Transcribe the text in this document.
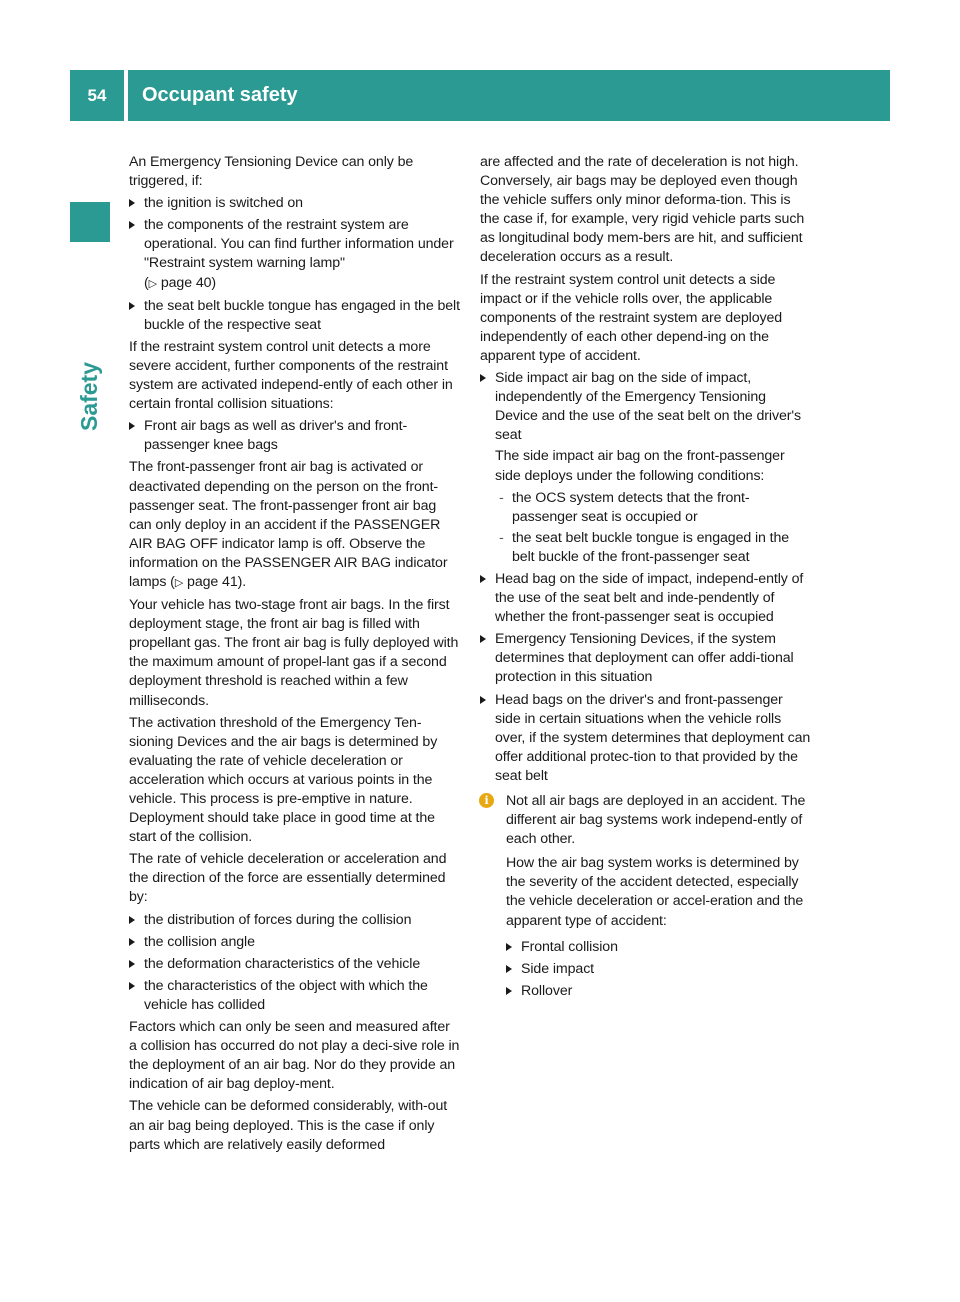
54	Occupant safety
Safety

An Emergency Tensioning Device can only be triggered, if:

the ignition is switched on
the components of the restraint system are operational. You can find further information under "Restraint system warning lamp"
(▷ page 40)
the seat belt buckle tongue has engaged in the belt buckle of the respective seat

If the restraint system control unit detects a more severe accident, further components of the restraint system are activated independ-ently of each other in certain frontal collision situations:

Front air bags as well as driver's and front-passenger knee bags

The front-passenger front air bag is activated or deactivated depending on the person on the front-passenger seat. The front-passenger front air bag can only deploy in an accident if the PASSENGER AIR BAG OFF indicator lamp is off. Observe the information on the PASSENGER AIR BAG indicator lamps (▷ page 41).

Your vehicle has two-stage front air bags. In the first deployment stage, the front air bag is filled with propellant gas. The front air bag is fully deployed with the maximum amount of propel-lant gas if a second deployment threshold is reached within a few milliseconds.

The activation threshold of the Emergency Ten-sioning Devices and the air bags is determined by evaluating the rate of vehicle deceleration or acceleration which occurs at various points in the vehicle. This process is pre-emptive in nature. Deployment should take place in good time at the start of the collision.

The rate of vehicle deceleration or acceleration and the direction of the force are essentially determined by:

the distribution of forces during the collision
the collision angle
the deformation characteristics of the vehicle
the characteristics of the object with which the vehicle has collided

Factors which can only be seen and measured after a collision has occurred do not play a deci-sive role in the deployment of an air bag. Nor do they provide an indication of air bag deploy-ment.

The vehicle can be deformed considerably, with-out an air bag being deployed. This is the case if only parts which are relatively easily deformed

are affected and the rate of deceleration is not high. Conversely, air bags may be deployed even though the vehicle suffers only minor deforma-tion. This is the case if, for example, very rigid vehicle parts such as longitudinal body mem-bers are hit, and sufficient deceleration occurs as a result.

If the restraint system control unit detects a side impact or if the vehicle rolls over, the applicable components of the restraint system are deployed independently of each other depend-ing on the apparent type of accident.

Side impact air bag on the side of impact, independently of the Emergency Tensioning Device and the use of the seat belt on the driver's seat
The side impact air bag on the front-passenger side deploys under the following conditions:
- the OCS system detects that the front-passenger seat is occupied or
- the seat belt buckle tongue is engaged in the belt buckle of the front-passenger seat
Head bag on the side of impact, independ-ently of the use of the seat belt and inde-pendently of whether the front-passenger seat is occupied
Emergency Tensioning Devices, if the system determines that deployment can offer addi-tional protection in this situation
Head bags on the driver's and front-passenger side in certain situations when the vehicle rolls over, if the system determines that deployment can offer additional protec-tion to that provided by the seat belt
i	Not all air bags are deployed in an accident. The different air bag systems work independ-ently of each other.
How the air bag system works is determined by the severity of the accident detected, especially the vehicle deceleration or accel-eration and the apparent type of accident:
Frontal collision
Side impact
Rollover
